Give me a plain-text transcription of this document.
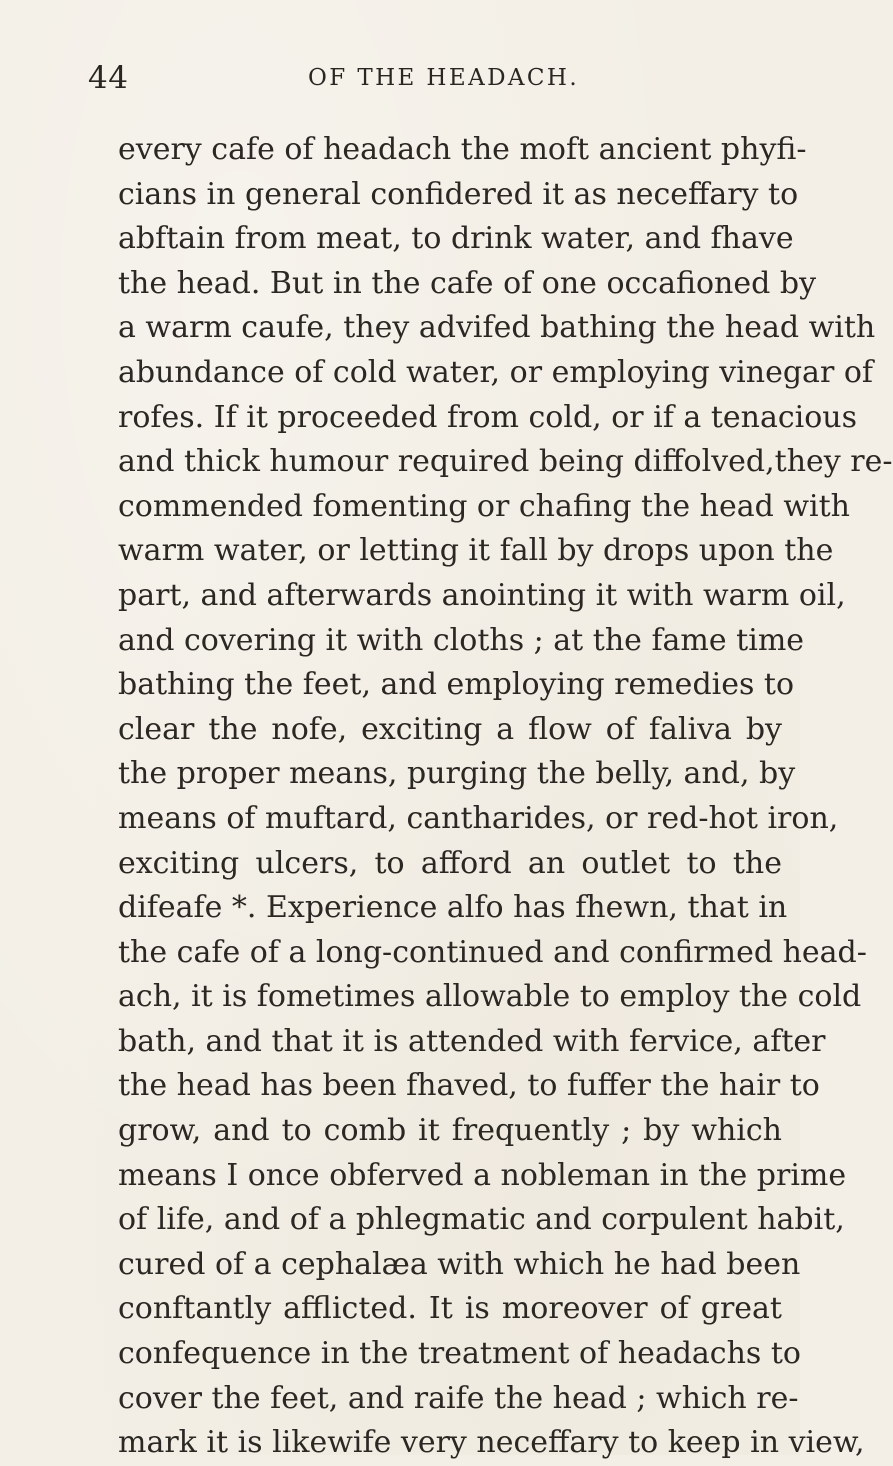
44	OF THE HEADACH.
every cafe of headach the moft ancient phyfi-
cians in general confidered it as neceffary to
abftain from meat, to drink water, and fhave
the head. But in the cafe of one occafioned by
a warm caufe, they advifed bathing the head with
abundance of cold water, or employing vinegar of
rofes. If it proceeded from cold, or if a tenacious
and thick humour required being diffolved,they re-
commended fomenting or chafing the head with
warm water, or letting it fall by drops upon the
part, and afterwards anointing it with warm oil,
and covering it with cloths ; at the fame time
bathing the feet, and employing remedies to
clear the nofe, exciting a flow of faliva by
the proper means, purging the belly, and, by
means of muftard, cantharides, or red-hot iron,
exciting ulcers, to afford an outlet to the
difeafe *. Experience alfo has fhewn, that in
the cafe of a long-continued and confirmed head-
ach, it is fometimes allowable to employ the cold
bath, and that it is attended with fervice, after
the head has been fhaved, to fuffer the hair to
grow, and to comb it frequently ; by which
means I once obferved a nobleman in the prime
of life, and of a phlegmatic and corpulent habit,
cured of a cephalæa with which he had been
conftantly afflicted. It is moreover of great
confequence in the treatment of headachs to
cover the feet, and raife the head ; which re-
mark it is likewife very neceffary to keep in view,
